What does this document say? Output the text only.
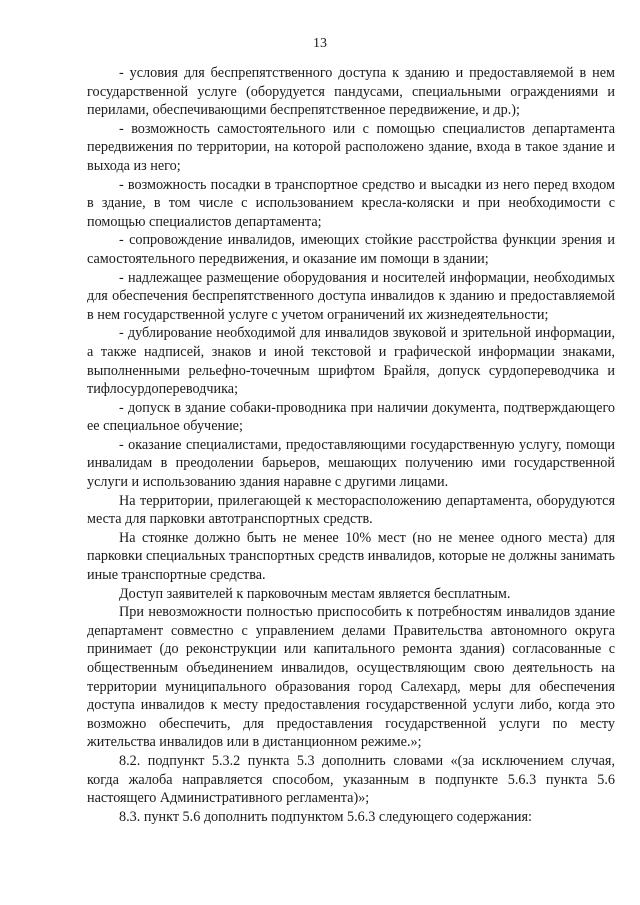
13

- условия для беспрепятственного доступа к зданию и предоставляемой в нем государственной услуге (оборудуется пандусами, специальными ограждениями и перилами, обеспечивающими беспрепятственное передвижение, и др.);

- возможность самостоятельного или с помощью специалистов департамента передвижения по территории, на которой расположено здание, входа в такое здание и выхода из него;

- возможность посадки в транспортное средство и высадки из него перед входом в здание, в том числе с использованием кресла-коляски и при необходимости с помощью специалистов департамента;

- сопровождение инвалидов, имеющих стойкие расстройства функции зрения и самостоятельного передвижения, и оказание им помощи в здании;

- надлежащее размещение оборудования и носителей информации, необходимых для обеспечения беспрепятственного доступа инвалидов к зданию и предоставляемой в нем государственной услуге с учетом ограничений их жизнедеятельности;

- дублирование необходимой для инвалидов звуковой и зрительной информации, а также надписей, знаков и иной текстовой и графической информации знаками, выполненными рельефно-точечным шрифтом Брайля, допуск сурдопереводчика и тифлосурдопереводчика;

- допуск в здание собаки-проводника при наличии документа, подтверждающего ее специальное обучение;

- оказание специалистами, предоставляющими государственную услугу, помощи инвалидам в преодолении барьеров, мешающих получению ими государственной услуги и использованию здания наравне с другими лицами.

На территории, прилегающей к месторасположению департамента, оборудуются места для парковки автотранспортных средств.

На стоянке должно быть не менее 10% мест (но не менее одного места) для парковки специальных транспортных средств инвалидов, которые не должны занимать иные транспортные средства.

Доступ заявителей к парковочным местам является бесплатным.

При невозможности полностью приспособить к потребностям инвалидов здание департамент совместно с управлением делами Правительства автономного округа принимает (до реконструкции или капитального ремонта здания) согласованные с общественным объединением инвалидов, осуществляющим свою деятельность на территории муниципального образования город Салехард, меры для обеспечения доступа инвалидов к месту предоставления государственной услуги либо, когда это возможно обеспечить, для предоставления государственной услуги по месту жительства инвалидов или в дистанционном режиме.»;

8.2. подпункт 5.3.2 пункта 5.3 дополнить словами «(за исключением случая, когда жалоба направляется способом, указанным в подпункте 5.6.3 пункта 5.6 настоящего Административного регламента)»;

8.3. пункт 5.6 дополнить подпунктом 5.6.3 следующего содержания:
